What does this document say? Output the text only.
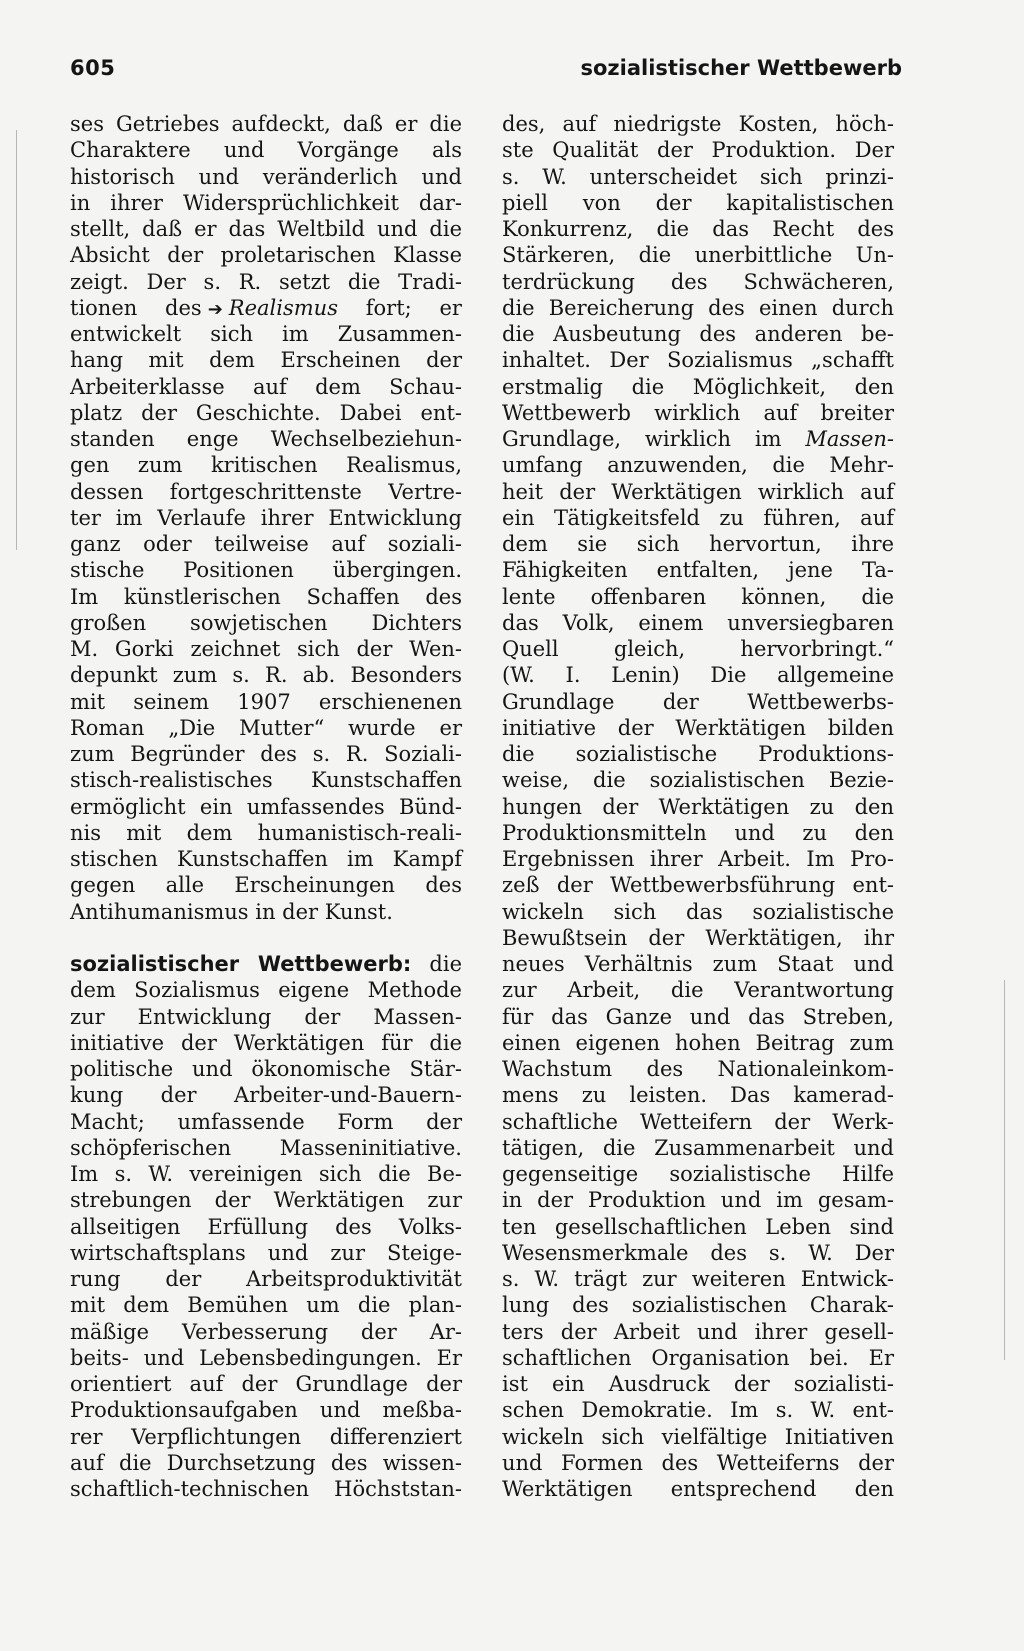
605	sozialistischer Wettbewerb
ses Getriebes aufdeckt, daß er die
Charaktere und Vorgänge als
historisch und veränderlich und
in ihrer Widersprüchlichkeit dar-
stellt, daß er das Weltbild und die
Absicht der proletarischen Klasse
zeigt. Der s. R. setzt die Tradi-
tionen des ➔ Realismus fort; er
entwickelt sich im Zusammen-
hang mit dem Erscheinen der
Arbeiterklasse auf dem Schau-
platz der Geschichte. Dabei ent-
standen enge Wechselbeziehun-
gen zum kritischen Realismus,
dessen fortgeschrittenste Vertre-
ter im Verlaufe ihrer Entwicklung
ganz oder teilweise auf soziali-
stische Positionen übergingen.
Im künstlerischen Schaffen des
großen sowjetischen Dichters
M. Gorki zeichnet sich der Wen-
depunkt zum s. R. ab. Besonders
mit seinem 1907 erschienenen
Roman „Die Mutter“ wurde er
zum Begründer des s. R. Soziali-
stisch-realistisches Kunstschaffen
ermöglicht ein umfassendes Bünd-
nis mit dem humanistisch-reali-
stischen Kunstschaffen im Kampf
gegen alle Erscheinungen des
Antihumanismus in der Kunst.
sozialistischer Wettbewerb: die
dem Sozialismus eigene Methode
zur Entwicklung der Massen-
initiative der Werktätigen für die
politische und ökonomische Stär-
kung der Arbeiter-und-Bauern-
Macht; umfassende Form der
schöpferischen Masseninitiative.
Im s. W. vereinigen sich die Be-
strebungen der Werktätigen zur
allseitigen Erfüllung des Volks-
wirtschaftsplans und zur Steige-
rung der Arbeitsproduktivität
mit dem Bemühen um die plan-
mäßige Verbesserung der Ar-
beits- und Lebensbedingungen. Er
orientiert auf der Grundlage der
Produktionsaufgaben und meßba-
rer Verpflichtungen differenziert
auf die Durchsetzung des wissen-
schaftlich-technischen Höchststan-
des, auf niedrigste Kosten, höch-
ste Qualität der Produktion. Der
s. W. unterscheidet sich prinzi-
piell von der kapitalistischen
Konkurrenz, die das Recht des
Stärkeren, die unerbittliche Un-
terdrückung des Schwächeren,
die Bereicherung des einen durch
die Ausbeutung des anderen be-
inhaltet. Der Sozialismus „schafft
erstmalig die Möglichkeit, den
Wettbewerb wirklich auf breiter
Grundlage, wirklich im Massen-
umfang anzuwenden, die Mehr-
heit der Werktätigen wirklich auf
ein Tätigkeitsfeld zu führen, auf
dem sie sich hervortun, ihre
Fähigkeiten entfalten, jene Ta-
lente offenbaren können, die
das Volk, einem unversiegbaren
Quell gleich, hervorbringt.“
(W. I. Lenin) Die allgemeine
Grundlage der Wettbewerbs-
initiative der Werktätigen bilden
die sozialistische Produktions-
weise, die sozialistischen Bezie-
hungen der Werktätigen zu den
Produktionsmitteln und zu den
Ergebnissen ihrer Arbeit. Im Pro-
zeß der Wettbewerbsführung ent-
wickeln sich das sozialistische
Bewußtsein der Werktätigen, ihr
neues Verhältnis zum Staat und
zur Arbeit, die Verantwortung
für das Ganze und das Streben,
einen eigenen hohen Beitrag zum
Wachstum des Nationaleinkom-
mens zu leisten. Das kamerad-
schaftliche Wetteifern der Werk-
tätigen, die Zusammenarbeit und
gegenseitige sozialistische Hilfe
in der Produktion und im gesam-
ten gesellschaftlichen Leben sind
Wesensmerkmale des s. W. Der
s. W. trägt zur weiteren Entwick-
lung des sozialistischen Charak-
ters der Arbeit und ihrer gesell-
schaftlichen Organisation bei. Er
ist ein Ausdruck der sozialisti-
schen Demokratie. Im s. W. ent-
wickeln sich vielfältige Initiativen
und Formen des Wetteiferns der
Werktätigen entsprechend den
